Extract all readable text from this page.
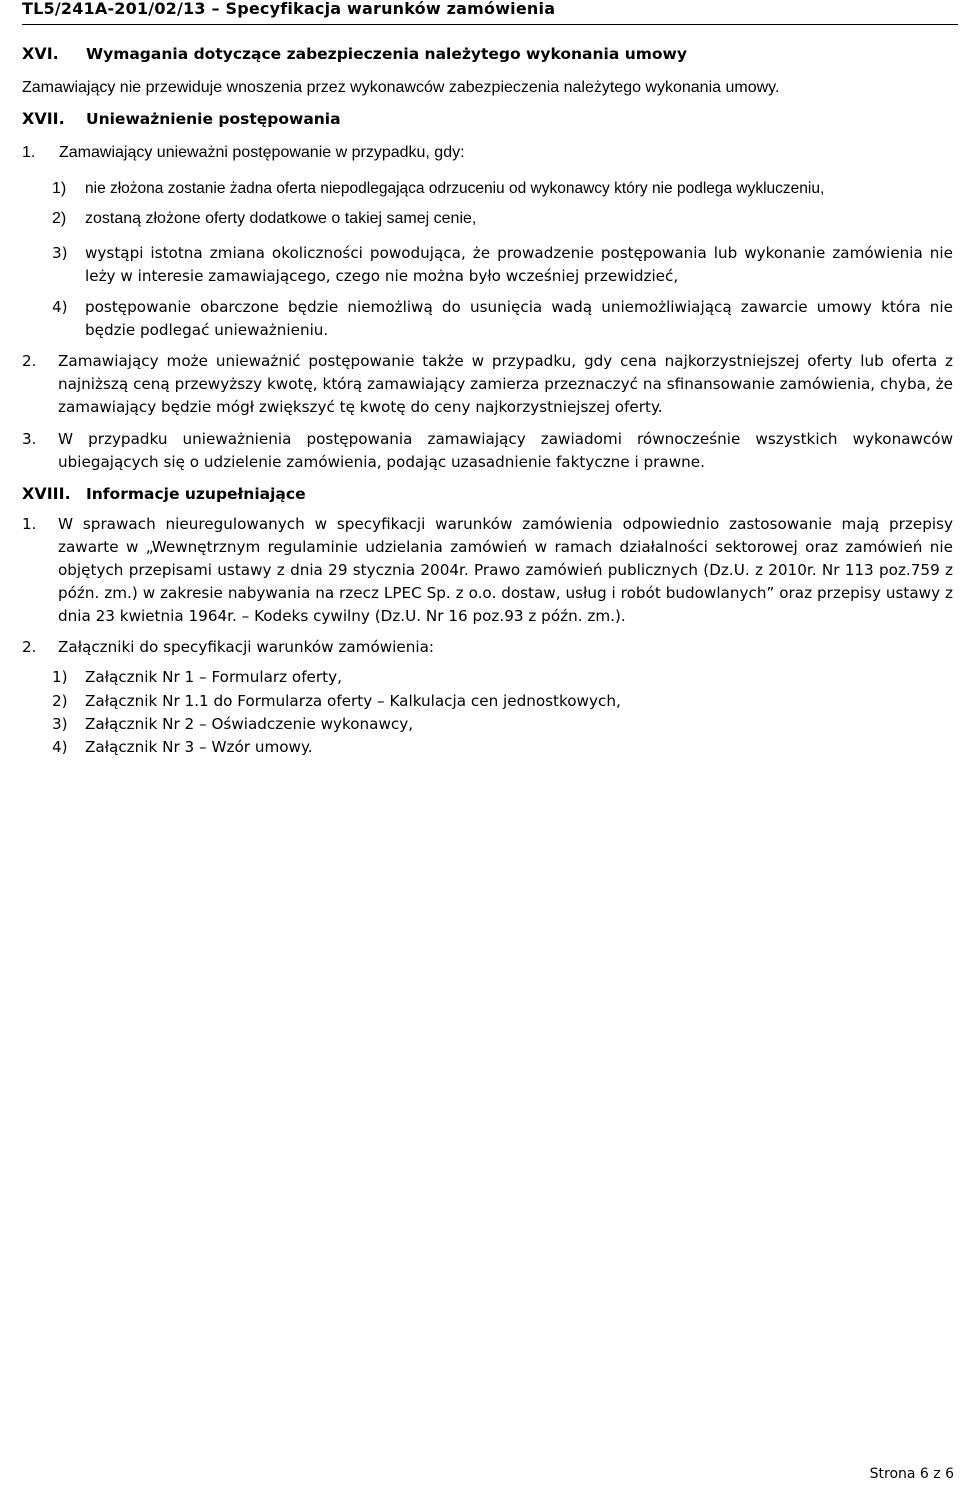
TL5/241A-201/02/13 – Specyfikacja warunków zamówienia
XVI. Wymagania dotyczące zabezpieczenia należytego wykonania umowy
Zamawiający nie przewiduje wnoszenia przez wykonawców zabezpieczenia należytego wykonania umowy.
XVII. Unieważnienie postępowania
1. Zamawiający unieważni postępowanie w przypadku, gdy:
1) nie złożona zostanie żadna oferta niepodlegająca odrzuceniu od wykonawcy który nie podlega wykluczeniu,
2) zostaną złożone oferty dodatkowe o takiej samej cenie,
3) wystąpi istotna zmiana okoliczności powodująca, że prowadzenie postępowania lub wykonanie zamówienia nie leży w interesie zamawiającego, czego nie można było wcześniej przewidzieć,
4) postępowanie obarczone będzie niemożliwą do usunięcia wadą uniemożliwiającą zawarcie umowy która nie będzie podlegać unieważnieniu.
2. Zamawiający może unieważnić postępowanie także w przypadku, gdy cena najkorzystniejszej oferty lub oferta z najniższą ceną przewyższy kwotę, którą zamawiający zamierza przeznaczyć na sfinansowanie zamówienia, chyba, że zamawiający będzie mógł zwiększyć tę kwotę do ceny najkorzystniejszej oferty.
3. W przypadku unieważnienia postępowania zamawiający zawiadomi równocześnie wszystkich wykonawców ubiegających się o udzielenie zamówienia, podając uzasadnienie faktyczne i prawne.
XVIII. Informacje uzupełniające
1. W sprawach nieuregulowanych w specyfikacji warunków zamówienia odpowiednio zastosowanie mają przepisy zawarte w „Wewnętrznym regulaminie udzielania zamówień w ramach działalności sektorowej oraz zamówień nie objętych przepisami ustawy z dnia 29 stycznia 2004r. Prawo zamówień publicznych (Dz.U. z 2010r. Nr 113 poz.759 z późn. zm.) w zakresie nabywania na rzecz LPEC Sp. z o.o. dostaw, usług i robót budowlanych” oraz przepisy ustawy z dnia 23 kwietnia 1964r. – Kodeks cywilny (Dz.U. Nr 16 poz.93 z późn. zm.).
2. Załączniki do specyfikacji warunków zamówienia:
1) Załącznik Nr 1 – Formularz oferty,
2) Załącznik Nr 1.1 do Formularza oferty – Kalkulacja cen jednostkowych,
3) Załącznik Nr 2 – Oświadczenie wykonawcy,
4) Załącznik Nr 3 – Wzór umowy.
Strona 6 z 6
